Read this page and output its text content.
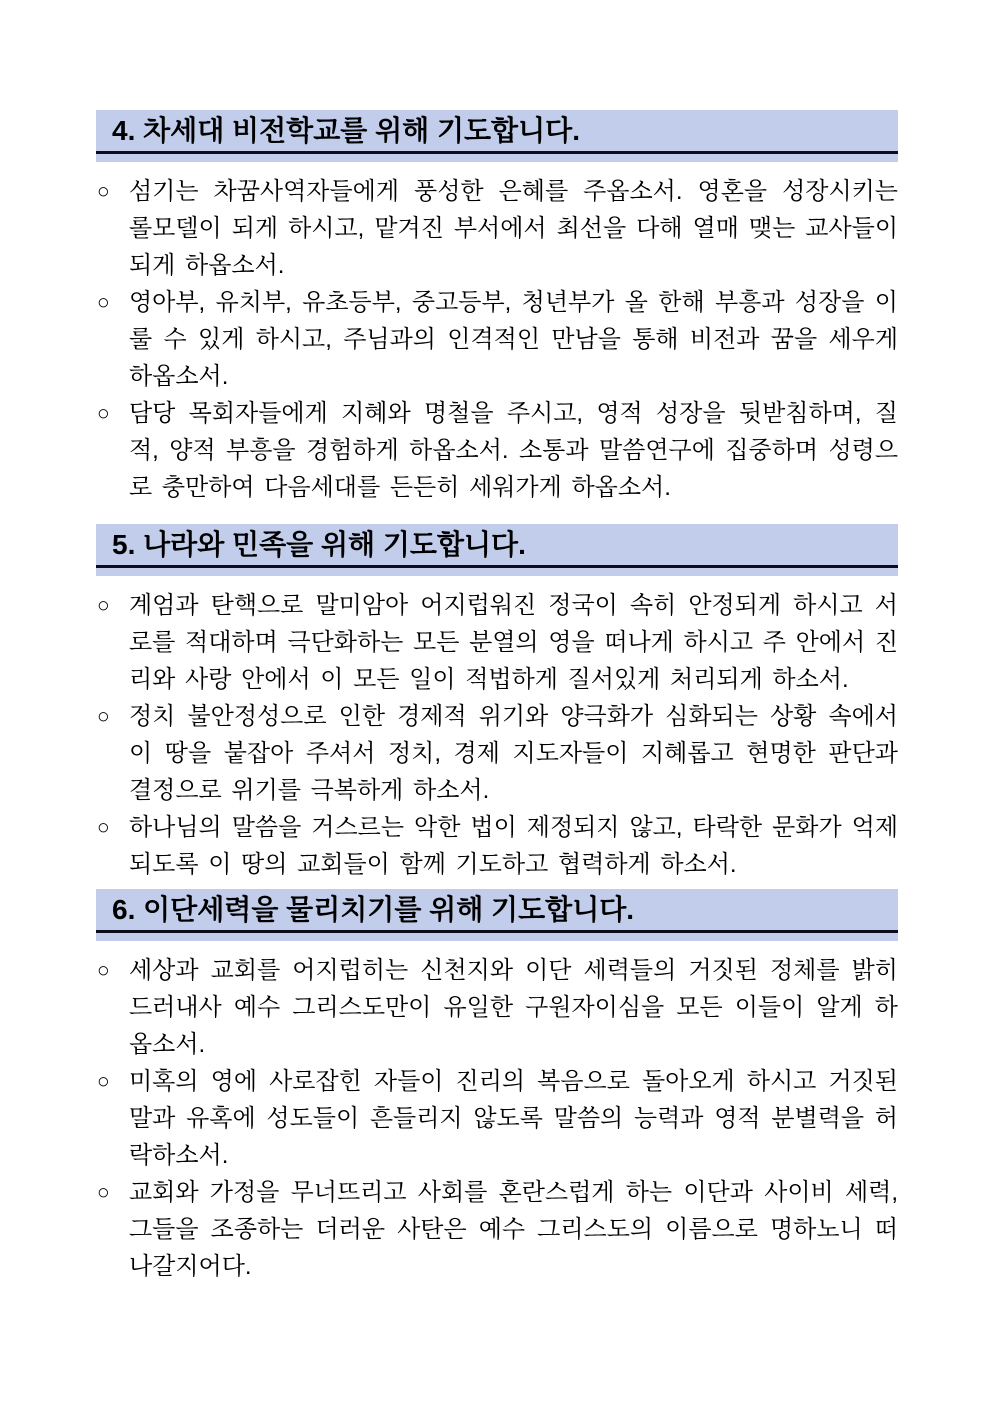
4. 차세대 비전학교를 위해 기도합니다.
○ 섬기는 차꿈사역자들에게 풍성한 은혜를 주옵소서. 영혼을 성장시키는 롤모델이 되게 하시고, 맡겨진 부서에서 최선을 다해 열매 맺는 교사들이 되게 하옵소서.

○ 영아부, 유치부, 유초등부, 중고등부, 청년부가 올 한해 부흥과 성장을 이룰 수 있게 하시고, 주님과의 인격적인 만남을 통해 비전과 꿈을 세우게 하옵소서.

○ 담당 목회자들에게 지혜와 명철을 주시고, 영적 성장을 뒷받침하며, 질적, 양적 부흥을 경험하게 하옵소서. 소통과 말씀연구에 집중하며 성령으로 충만하여 다음세대를 든든히 세워가게 하옵소서.

5. 나라와 민족을 위해 기도합니다.
○ 계엄과 탄핵으로 말미암아 어지럽워진 정국이 속히 안정되게 하시고 서로를 적대하며 극단화하는 모든 분열의 영을 떠나게 하시고 주 안에서 진리와 사랑 안에서 이 모든 일이 적법하게 질서있게 처리되게 하소서.

○ 정치 불안정성으로 인한 경제적 위기와 양극화가 심화되는 상황 속에서 이 땅을 붙잡아 주셔서 정치, 경제 지도자들이 지혜롭고 현명한 판단과 결정으로 위기를 극복하게 하소서.

○ 하나님의 말씀을 거스르는 악한 법이 제정되지 않고, 타락한 문화가 억제되도록 이 땅의 교회들이 함께 기도하고 협력하게 하소서.

6. 이단세력을 물리치기를 위해 기도합니다.
○ 세상과 교회를 어지럽히는 신천지와 이단 세력들의 거짓된 정체를 밝히 드러내사 예수 그리스도만이 유일한 구원자이심을 모든 이들이 알게 하옵소서.

○ 미혹의 영에 사로잡힌 자들이 진리의 복음으로 돌아오게 하시고 거짓된 말과 유혹에 성도들이 흔들리지 않도록 말씀의 능력과 영적 분별력을 허락하소서.

○ 교회와 가정을 무너뜨리고 사회를 혼란스럽게 하는 이단과 사이비 세력, 그들을 조종하는 더러운 사탄은 예수 그리스도의 이름으로 명하노니 떠나갈지어다.
